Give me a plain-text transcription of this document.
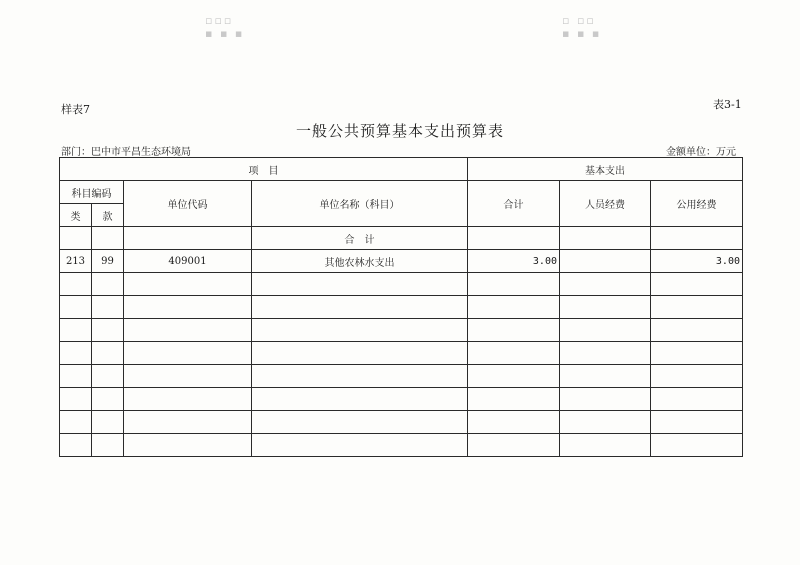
▫▫▫
▪ ▪ ▪
▫ ▫▫
▪ ▪ ▪
样表7	表3-1
一般公共预算基本支出预算表
部门：巴中市平昌生态环境局	金额单位：万元
项　目				基本支出		
科目编码		单位代码	单位名称（科目）	合计	人员经费	公用经费
类	款					
			合　计			
213	99	409001	其他农林水支出	3.00		3.00
